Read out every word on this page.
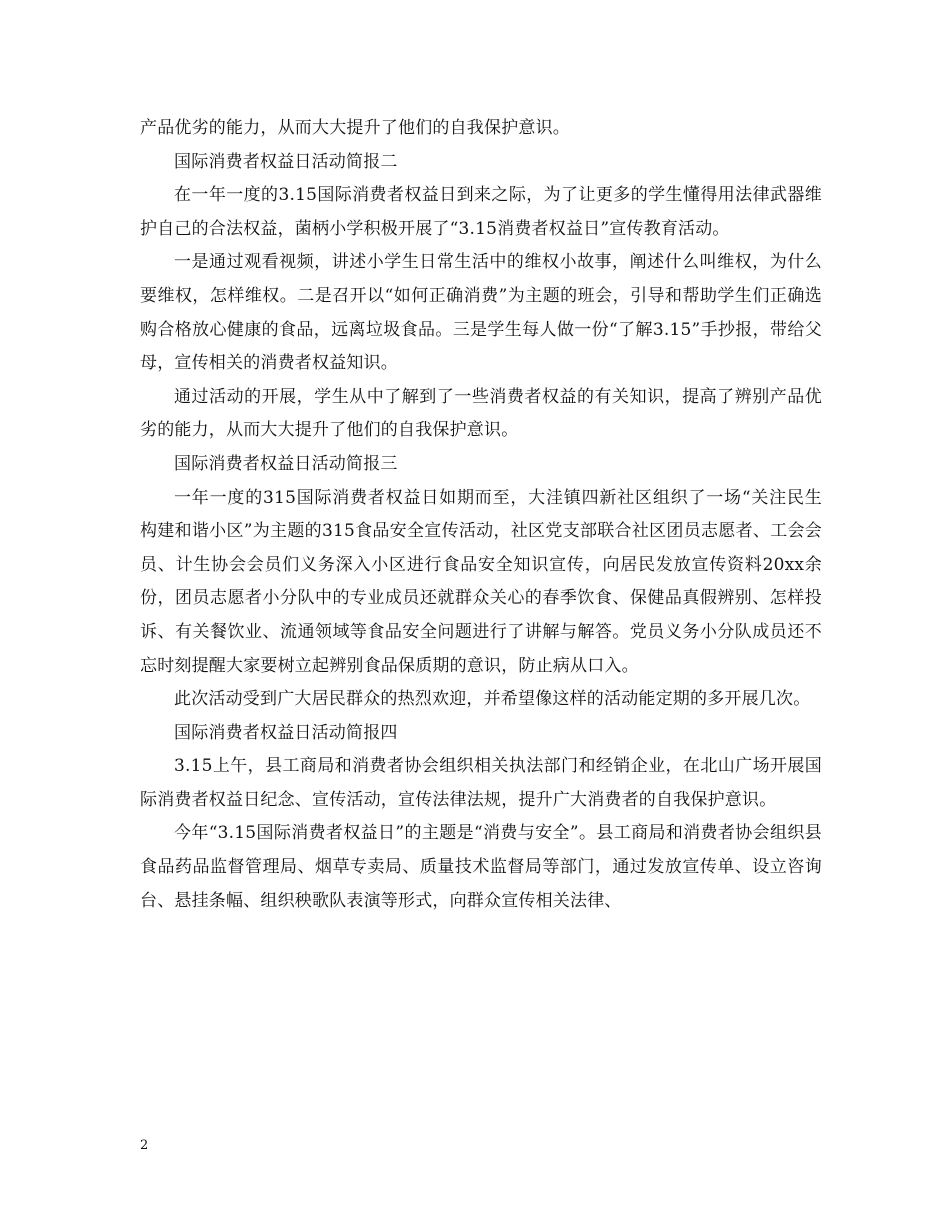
产品优劣的能力，从而大大提升了他们的自我保护意识。

国际消费者权益日活动简报二

在一年一度的3.15国际消费者权益日到来之际，为了让更多的学生懂得用法律武器维护自己的合法权益，菌柄小学积极开展了“3.15消费者权益日”宣传教育活动。

一是通过观看视频，讲述小学生日常生活中的维权小故事，阐述什么叫维权，为什么要维权，怎样维权。二是召开以“如何正确消费”为主题的班会，引导和帮助学生们正确选购合格放心健康的食品，远离垃圾食品。三是学生每人做一份“了解3.15”手抄报，带给父母，宣传相关的消费者权益知识。

通过活动的开展，学生从中了解到了一些消费者权益的有关知识，提高了辨别产品优劣的能力，从而大大提升了他们的自我保护意识。

国际消费者权益日活动简报三

一年一度的315国际消费者权益日如期而至，大洼镇四新社区组织了一场“关注民生 构建和谐小区”为主题的315食品安全宣传活动，社区党支部联合社区团员志愿者、工会会员、计生协会会员们义务深入小区进行食品安全知识宣传，向居民发放宣传资料20xx余份，团员志愿者小分队中的专业成员还就群众关心的春季饮食、保健品真假辨别、怎样投诉、有关餐饮业、流通领域等食品安全问题进行了讲解与解答。党员义务小分队成员还不忘时刻提醒大家要树立起辨别食品保质期的意识，防止病从口入。

此次活动受到广大居民群众的热烈欢迎，并希望像这样的活动能定期的多开展几次。

国际消费者权益日活动简报四

3.15上午，县工商局和消费者协会组织相关执法部门和经销企业，在北山广场开展国际消费者权益日纪念、宣传活动，宣传法律法规，提升广大消费者的自我保护意识。

今年“3.15国际消费者权益日”的主题是“消费与安全”。县工商局和消费者协会组织县食品药品监督管理局、烟草专卖局、质量技术监督局等部门，通过发放宣传单、设立咨询台、悬挂条幅、组织秧歌队表演等形式，向群众宣传相关法律、

2
